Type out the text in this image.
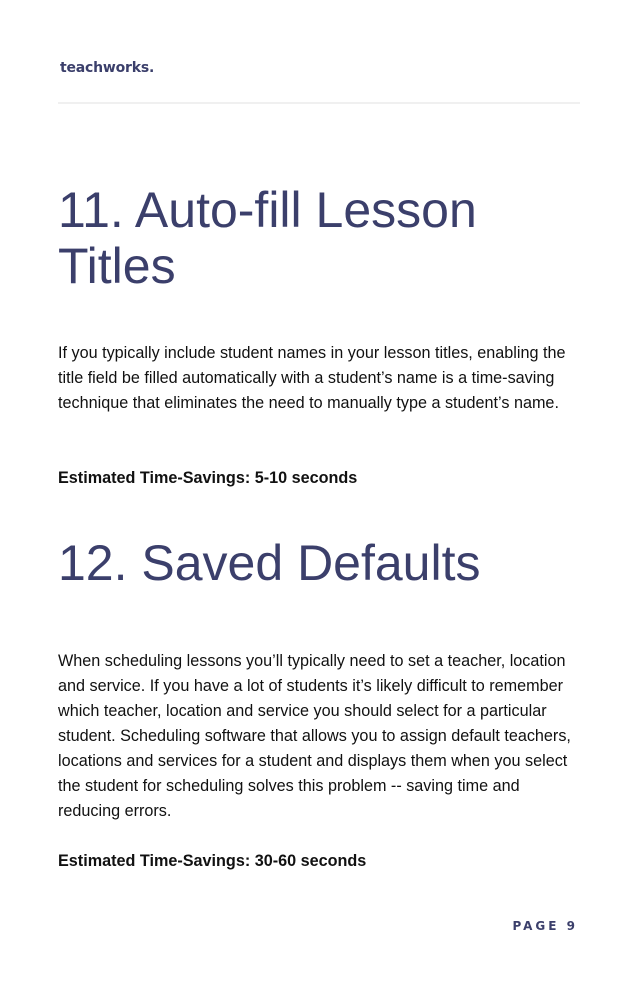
teachworks.
11. Auto-fill Lesson Titles

If you typically include student names in your lesson titles, enabling the title field be filled automatically with a student’s name is a time-saving technique that eliminates the need to manually type a student’s name.

Estimated Time-Savings: 5-10 seconds

12. Saved Defaults

When scheduling lessons you’ll typically need to set a teacher, location and service. If you have a lot of students it’s likely difficult to remember which teacher, location and service you should select for a particular student. Scheduling software that allows you to assign default teachers, locations and services for a student and displays them when you select the student for scheduling solves this problem -- saving time and reducing errors.

Estimated Time-Savings: 30-60 seconds

PAGE 9
